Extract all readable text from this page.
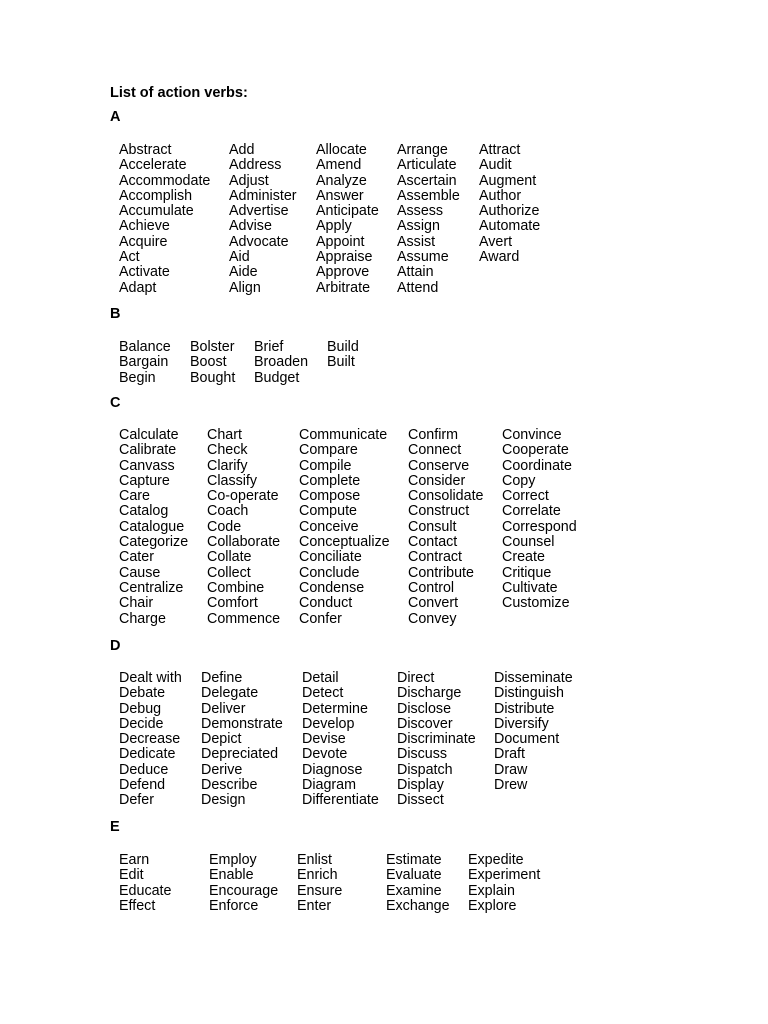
List of action verbs:
A
Abstract
Accelerate
Accommodate
Accomplish
Accumulate
Achieve
Acquire
Act
Activate
Adapt
Add
Address
Adjust
Administer
Advertise
Advise
Advocate
Aid
Aide
Align
Allocate
Amend
Analyze
Answer
Anticipate
Apply
Appoint
Appraise
Approve
Arbitrate
Arrange
Articulate
Ascertain
Assemble
Assess
Assign
Assist
Assume
Attain
Attend
Attract
Audit
Augment
Author
Authorize
Automate
Avert
Award
B
Balance
Bargain
Begin
Bolster
Boost
Bought
Brief
Broaden
Budget
Build
Built
C
Calculate
Calibrate
Canvass
Capture
Care
Catalog
Catalogue
Categorize
Cater
Cause
Centralize
Chair
Charge
Chart
Check
Clarify
Classify
Co-operate
Coach
Code
Collaborate
Collate
Collect
Combine
Comfort
Commence
Communicate
Compare
Compile
Complete
Compose
Compute
Conceive
Conceptualize
Conciliate
Conclude
Condense
Conduct
Confer
Confirm
Connect
Conserve
Consider
Consolidate
Construct
Consult
Contact
Contract
Contribute
Control
Convert
Convey
Convince
Cooperate
Coordinate
Copy
Correct
Correlate
Correspond
Counsel
Create
Critique
Cultivate
Customize
D
Dealt with
Debate
Debug
Decide
Decrease
Dedicate
Deduce
Defend
Defer
Define
Delegate
Deliver
Demonstrate
Depict
Depreciated
Derive
Describe
Design
Detail
Detect
Determine
Develop
Devise
Devote
Diagnose
Diagram
Differentiate
Direct
Discharge
Disclose
Discover
Discriminate
Discuss
Dispatch
Display
Dissect
Disseminate
Distinguish
Distribute
Diversify
Document
Draft
Draw
Drew
E
Earn
Edit
Educate
Effect
Employ
Enable
Encourage
Enforce
Enlist
Enrich
Ensure
Enter
Estimate
Evaluate
Examine
Exchange
Expedite
Experiment
Explain
Explore
